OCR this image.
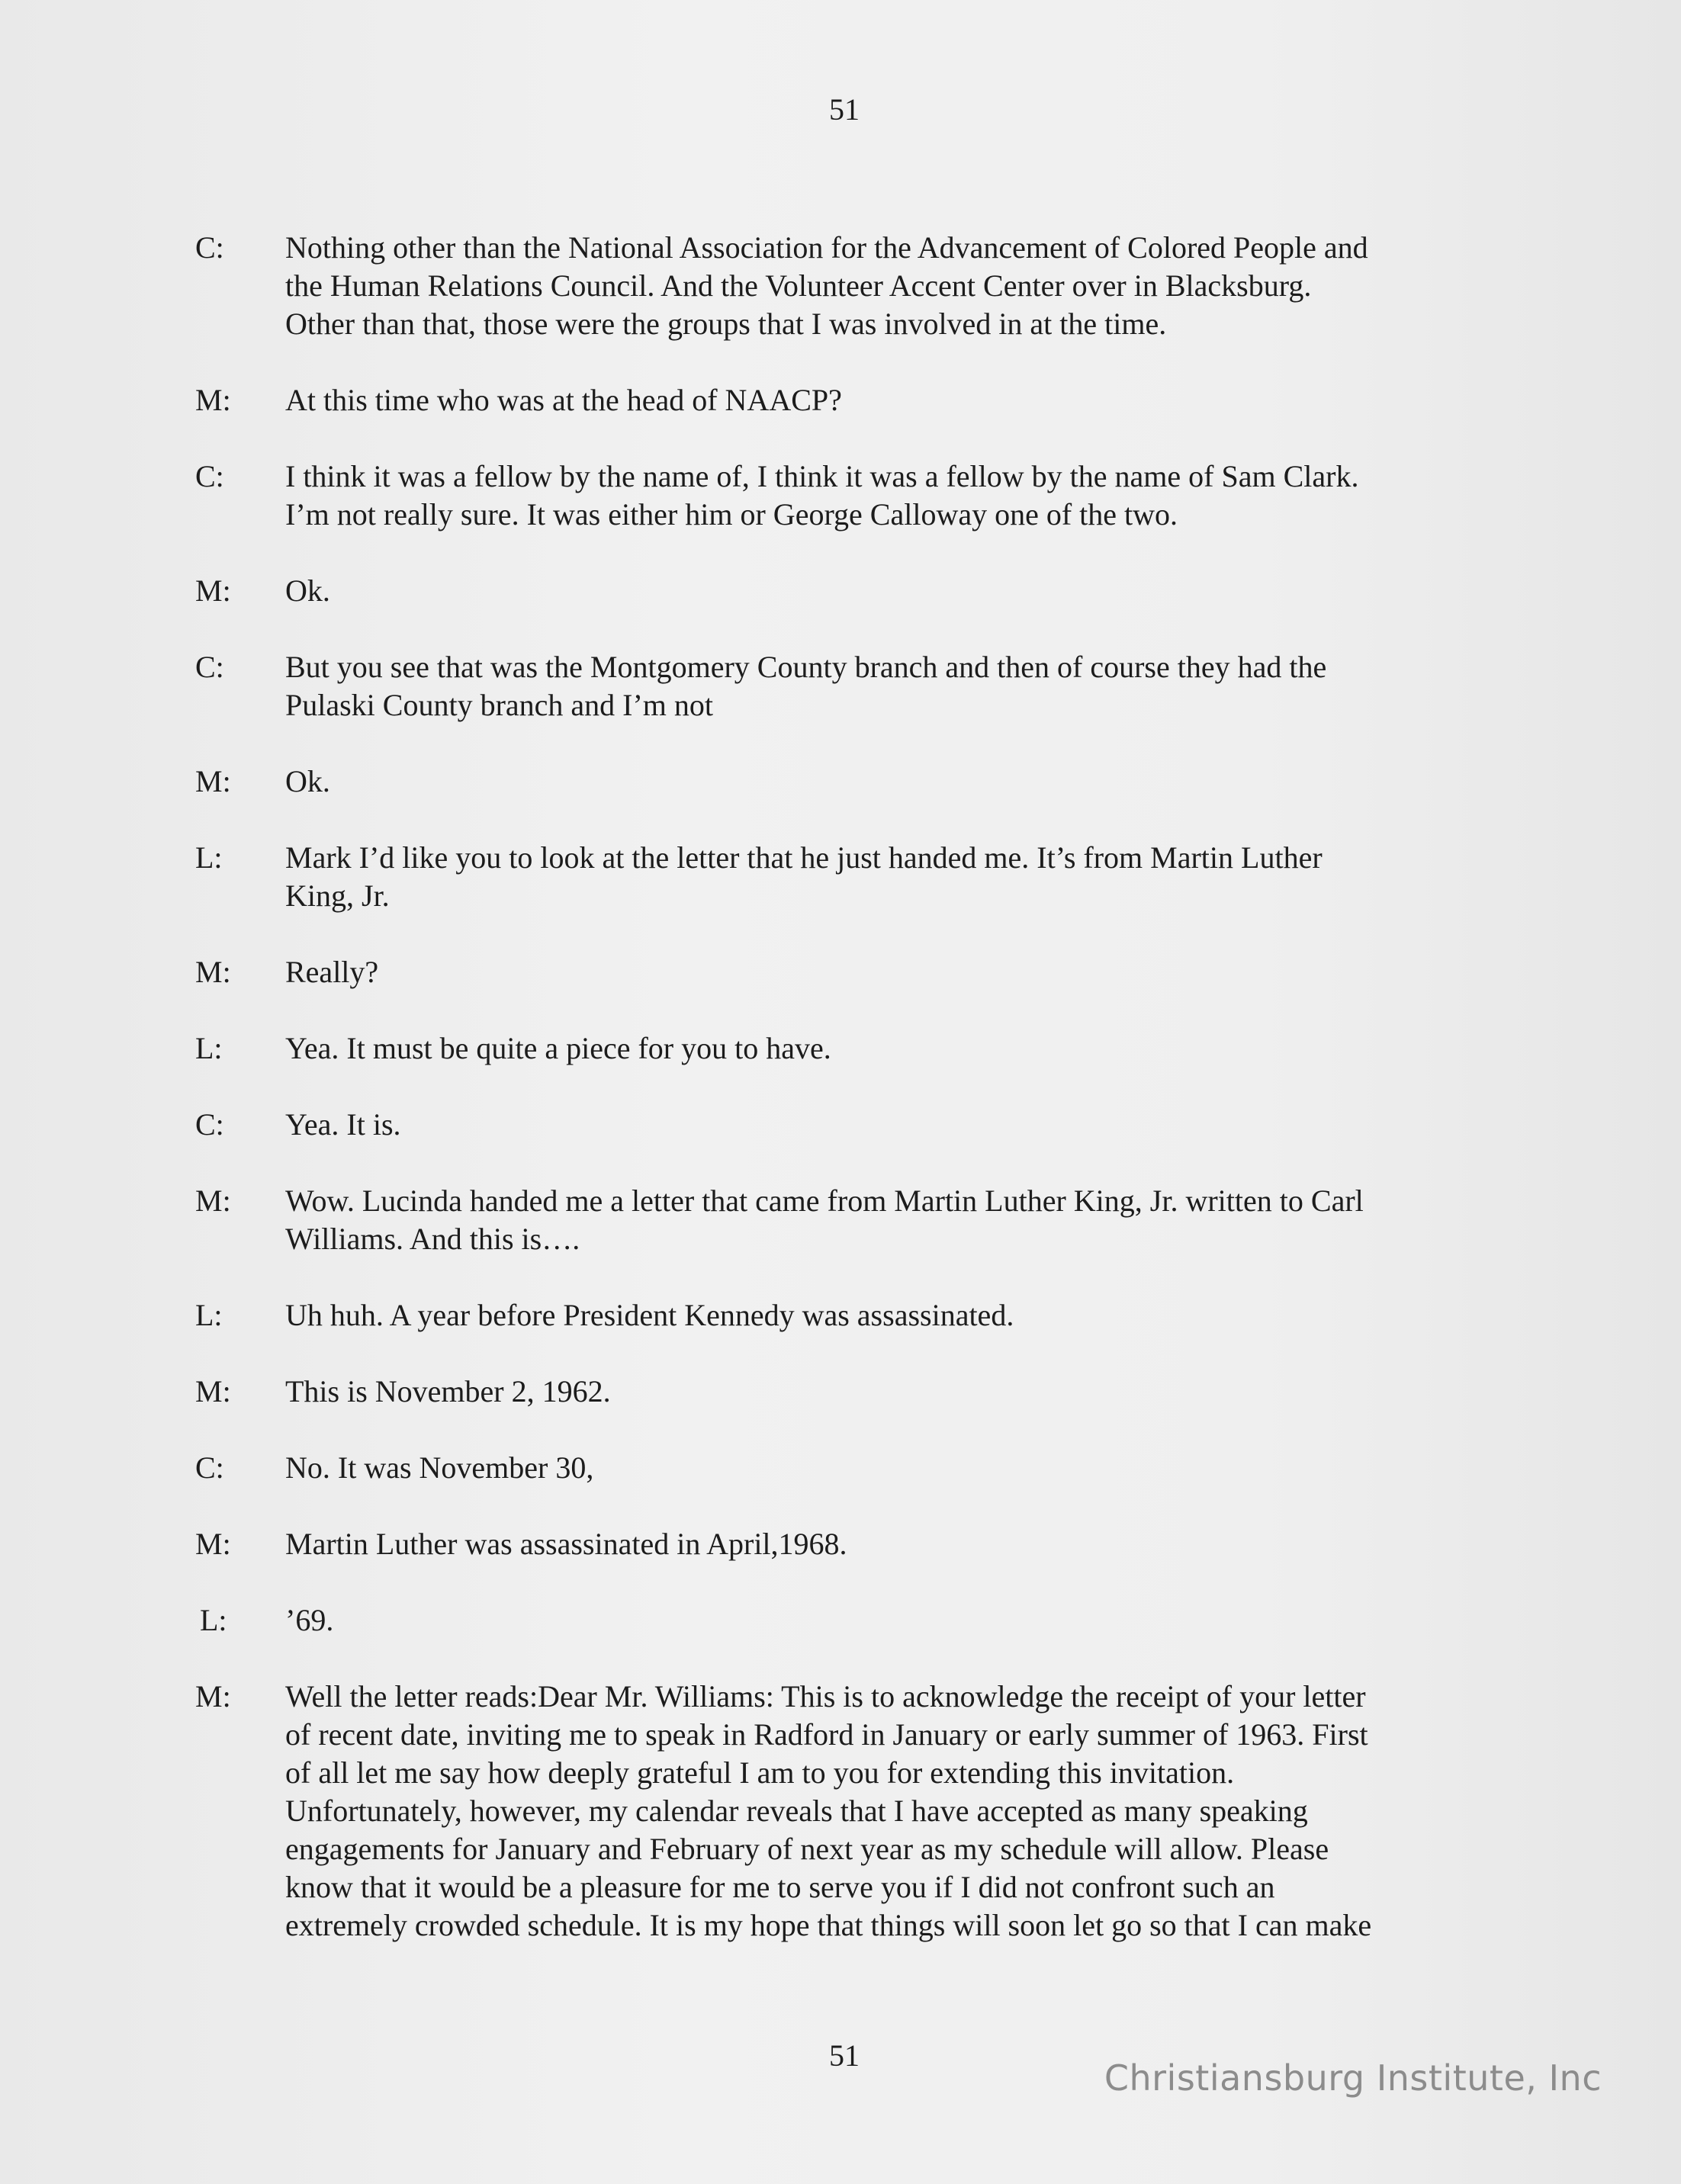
51
C:	Nothing other than the National Association for the Advancement of Colored People and
the Human Relations Council. And the Volunteer Accent Center over in Blacksburg.
Other than that, those were the groups that I was involved in at the time.
M:	At this time who was at the head of NAACP?
C:	I think it was a fellow by the name of, I think it was a fellow by the name of Sam Clark.
I’m not really sure. It was either him or George Calloway one of the two.
M:	Ok.
C:	But you see that was the Montgomery County branch and then of course they had the
Pulaski County branch and I’m not
M:	Ok.
L:	Mark I’d like you to look at the letter that he just handed me. It’s from Martin Luther
King, Jr.
M:	Really?
L:	Yea. It must be quite a piece for you to have.
C:	Yea. It is.
M:	Wow. Lucinda handed me a letter that came from Martin Luther King, Jr. written to Carl
Williams. And this is….
L:	Uh huh. A year before President Kennedy was assassinated.
M:	This is November 2, 1962.
C:	No. It was November 30,
M:	Martin Luther was assassinated in April,1968.
L:	’69.
M:	Well the letter reads:Dear Mr. Williams: This is to acknowledge the receipt of your letter
of recent date, inviting me to speak in Radford in January or early summer of 1963. First
of all let me say how deeply grateful I am to you for extending this invitation.
Unfortunately, however, my calendar reveals that I have accepted as many speaking
engagements for January and February of next year as my schedule will allow. Please
know that it would be a pleasure for me to serve you if I did not confront such an
extremely crowded schedule. It is my hope that things will soon let go so that I can make
51
Christiansburg Institute, Inc
